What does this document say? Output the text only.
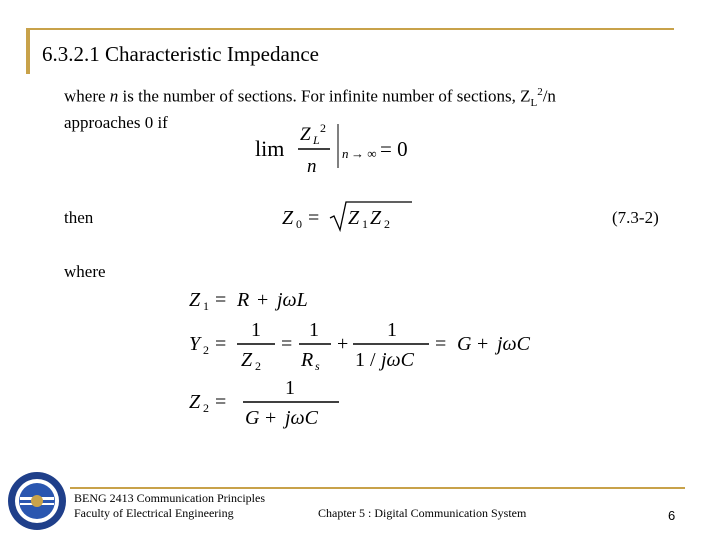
6.3.2.1 Characteristic Impedance
where n is the number of sections. For infinite number of sections, $Z_L^2/n$
approaches 0 if
lim
Z L
2
n
n → ∞ = 0
then	Z 0 = Z 1 Z 2	(7.3-2)
where
Z 1 = R + jωL
Y 2 =
1
Z 2
=
1
R s
+
1
1 / jωC
= G + jωC
Z 2 =
1
G + jωC
BENG 2413 Communication Principles
Faculty of Electrical Engineering	Chapter 5 : Digital Communication System	6
